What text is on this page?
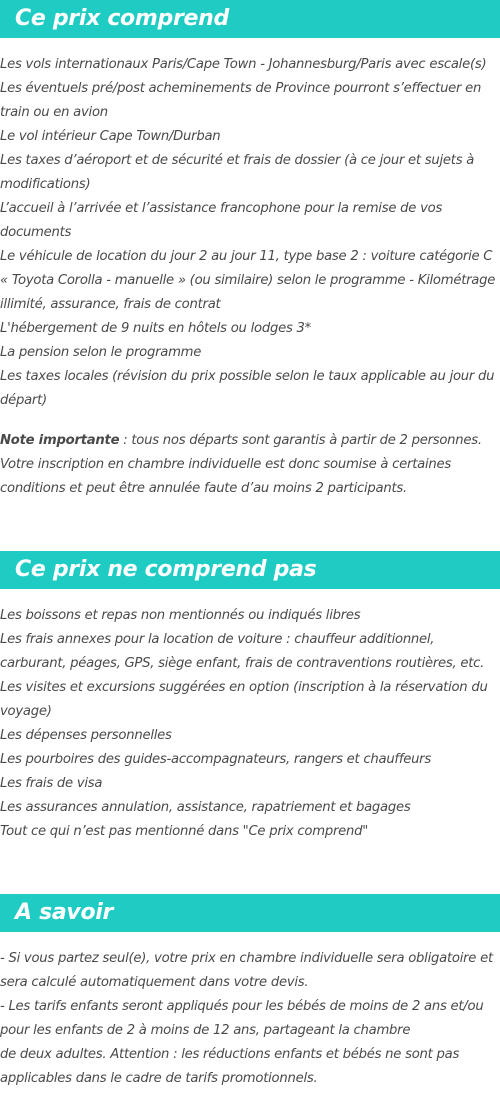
Ce prix comprend

Les vols internationaux Paris/Cape Town - Johannesburg/Paris avec escale(s)

Les éventuels pré/post acheminements de Province pourront s’effectuer en train ou en avion

Le vol intérieur Cape Town/Durban

Les taxes d’aéroport et de sécurité et frais de dossier (à ce jour et sujets à modifications)

L’accueil à l’arrivée et l’assistance francophone pour la remise de vos documents

Le véhicule de location du jour 2 au jour 11, type base 2 : voiture catégorie C « Toyota Corolla - manuelle » (ou similaire) selon le programme - Kilométrage illimité, assurance, frais de contrat

L'hébergement de 9 nuits en hôtels ou lodges 3*

La pension selon le programme

Les taxes locales (révision du prix possible selon le taux applicable au jour du départ)

Note importante : tous nos départs sont garantis à partir de 2 personnes. Votre inscription en chambre individuelle est donc soumise à certaines conditions et peut être annulée faute d’au moins 2 participants.
Ce prix ne comprend pas

Les boissons et repas non mentionnés ou indiqués libres

Les frais annexes pour la location de voiture : chauffeur additionnel, carburant, péages, GPS, siège enfant, frais de contraventions routières, etc.

Les visites et excursions suggérées en option (inscription à la réservation du voyage)

Les dépenses personnelles

Les pourboires des guides-accompagnateurs, rangers et chauffeurs

Les frais de visa

Les assurances annulation, assistance, rapatriement et bagages

Tout ce qui n’est pas mentionné dans "Ce prix comprend"

A savoir

- Si vous partez seul(e), votre prix en chambre individuelle sera obligatoire et sera calculé automatiquement dans votre devis.

- Les tarifs enfants seront appliqués pour les bébés de moins de 2 ans et/ou pour les enfants de 2 à moins de 12 ans, partageant la chambre

de deux adultes. Attention : les réductions enfants et bébés ne sont pas applicables dans le cadre de tarifs promotionnels.
